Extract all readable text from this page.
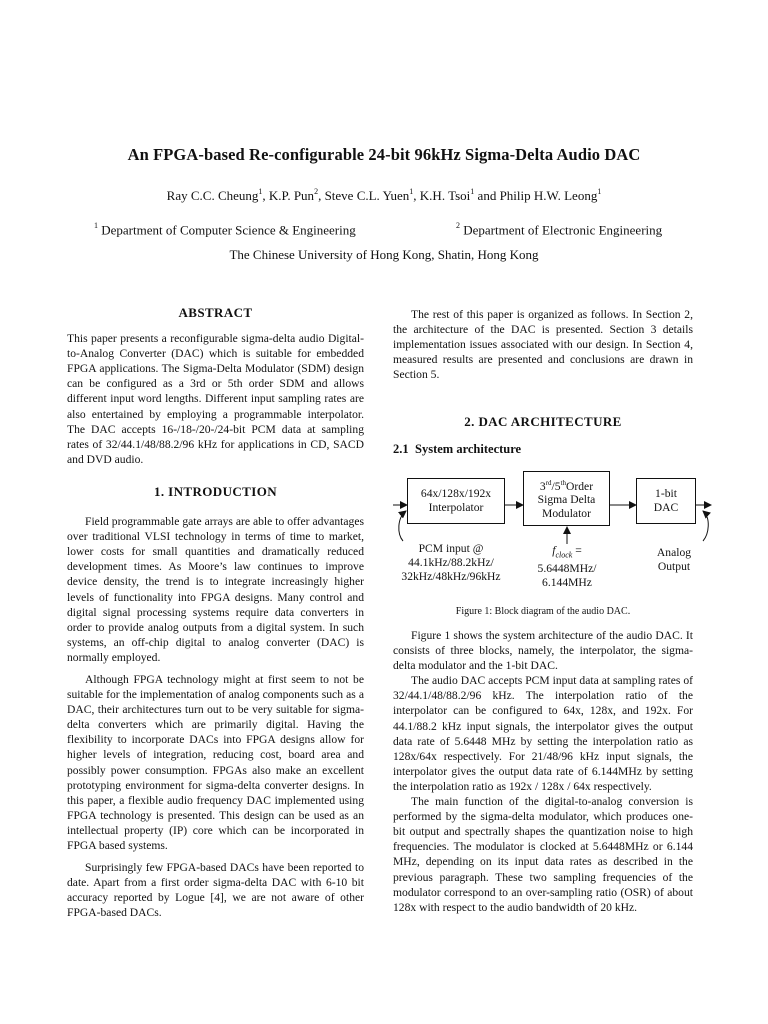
An FPGA-based Re-configurable 24-bit 96kHz Sigma-Delta Audio DAC
Ray C.C. Cheung$^1$, K.P. Pun$^2$, Steve C.L. Yuen$^1$, K.H. Tsoi$^1$ and Philip H.W. Leong$^1$
$^1$ Department of Computer Science & Engineering	$^2$ Department of Electronic Engineering
The Chinese University of Hong Kong, Shatin, Hong Kong
ABSTRACT

This paper presents a reconfigurable sigma-delta audio Digital-to-Analog Converter (DAC) which is suitable for embedded FPGA applications. The Sigma-Delta Modulator (SDM) design can be configured as a 3rd or 5th order SDM and allows different input word lengths. Different input sampling rates are also entertained by employing a programmable interpolator. The DAC accepts 16-/18-/20-/24-bit PCM data at sampling rates of 32/44.1/48/88.2/96 kHz for applications in CD, SACD and DVD audio.

1. INTRODUCTION

Field programmable gate arrays are able to offer advantages over traditional VLSI technology in terms of time to market, lower costs for small quantities and dramatically reduced development times. As Moore’s law continues to improve device density, the trend is to integrate increasingly higher levels of functionality into FPGA designs. Many control and digital signal processing systems require data converters in order to provide analog outputs from a digital system. In such systems, an off-chip digital to analog converter (DAC) is normally employed.

Although FPGA technology might at first seem to not be suitable for the implementation of analog components such as a DAC, their architectures turn out to be very suitable for sigma-delta converters which are primarily digital. Having the flexibility to incorporate DACs into FPGA designs allow for higher levels of integration, reducing cost, board area and possibly power consumption. FPGAs also make an excellent prototyping environment for sigma-delta converter designs. In this paper, a flexible audio frequency DAC implemented using FPGA technology is presented. This design can be used as an intellectual property (IP) core which can be incorporated in FPGA based systems.

Surprisingly few FPGA-based DACs have been reported to date. Apart from a first order sigma-delta DAC with 6-10 bit accuracy reported by Logue [4], we are not aware of other FPGA-based DACs.

The rest of this paper is organized as follows. In Section 2, the architecture of the DAC is presented. Section 3 details implementation issues associated with our design. In Section 4, measured results are presented and conclusions are drawn in Section 5.

2. DAC ARCHITECTURE
2.1 System architecture
64x/128x/192x
Interpolator
3rd/5thOrder
Sigma Delta
Modulator
1-bit
DAC
PCM input @
44.1kHz/88.2kHz/
32kHz/48kHz/96kHz
$f_{clock}$ =
5.6448MHz/
6.144MHz
Analog
Output
Figure 1: Block diagram of the audio DAC.

Figure 1 shows the system architecture of the audio DAC. It consists of three blocks, namely, the interpolator, the sigma-delta modulator and the 1-bit DAC.

The audio DAC accepts PCM input data at sampling rates of 32/44.1/48/88.2/96 kHz. The interpolation ratio of the interpolator can be configured to 64x, 128x, and 192x. For 44.1/88.2 kHz input signals, the interpolator gives the output data rate of 5.6448 MHz by setting the interpolation ratio as 128x/64x respectively. For 21/48/96 kHz input signals, the interpolator gives the output data rate of 6.144MHz by setting the interpolation ratio as 192x / 128x / 64x respectively.

The main function of the digital-to-analog conversion is performed by the sigma-delta modulator, which produces one-bit output and spectrally shapes the quantization noise to high frequencies. The modulator is clocked at 5.6448MHz or 6.144 MHz, depending on its input data rates as described in the previous paragraph. These two sampling frequencies of the modulator correspond to an over-sampling ratio (OSR) of about 128x with respect to the audio bandwidth of 20 kHz.
